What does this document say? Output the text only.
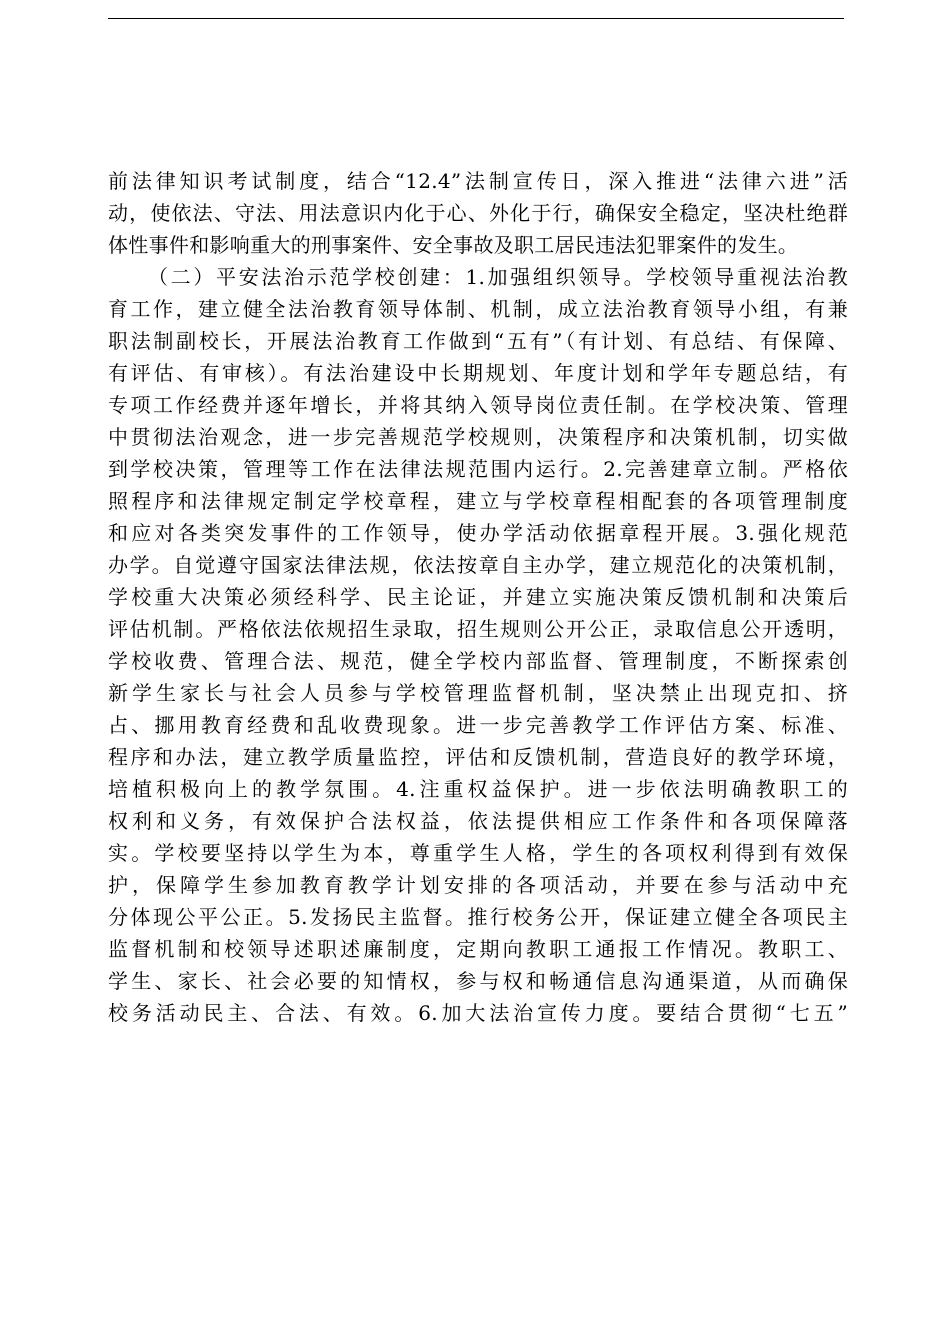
前法律知识考试制度，结合“12.4”法制宣传日，深入推进“法律六进”活
动，使依法、守法、用法意识内化于心、外化于行，确保安全稳定，坚决杜绝群
体性事件和影响重大的刑事案件、安全事故及职工居民违法犯罪案件的发生。
（二）平安法治示范学校创建：1.加强组织领导。学校领导重视法治教
育工作，建立健全法治教育领导体制、机制，成立法治教育领导小组，有兼
职法制副校长，开展法治教育工作做到“五有”（有计划、有总结、有保障、
有评估、有审核）。有法治建设中长期规划、年度计划和学年专题总结，有
专项工作经费并逐年增长，并将其纳入领导岗位责任制。在学校决策、管理
中贯彻法治观念，进一步完善规范学校规则，决策程序和决策机制，切实做
到学校决策，管理等工作在法律法规范围内运行。2.完善建章立制。严格依
照程序和法律规定制定学校章程，建立与学校章程相配套的各项管理制度
和应对各类突发事件的工作领导，使办学活动依据章程开展。3.强化规范
办学。自觉遵守国家法律法规，依法按章自主办学，建立规范化的决策机制，
学校重大决策必须经科学、民主论证，并建立实施决策反馈机制和决策后
评估机制。严格依法依规招生录取，招生规则公开公正，录取信息公开透明，
学校收费、管理合法、规范，健全学校内部监督、管理制度，不断探索创
新学生家长与社会人员参与学校管理监督机制，坚决禁止出现克扣、挤
占、挪用教育经费和乱收费现象。进一步完善教学工作评估方案、标准、
程序和办法，建立教学质量监控，评估和反馈机制，营造良好的教学环境，
培植积极向上的教学氛围。4.注重权益保护。进一步依法明确教职工的
权利和义务，有效保护合法权益，依法提供相应工作条件和各项保障落
实。学校要坚持以学生为本，尊重学生人格，学生的各项权利得到有效保
护，保障学生参加教育教学计划安排的各项活动，并要在参与活动中充
分体现公平公正。5.发扬民主监督。推行校务公开，保证建立健全各项民主
监督机制和校领导述职述廉制度，定期向教职工通报工作情况。教职工、
学生、家长、社会必要的知情权，参与权和畅通信息沟通渠道，从而确保
校务活动民主、合法、有效。6.加大法治宣传力度。要结合贯彻“七五”
